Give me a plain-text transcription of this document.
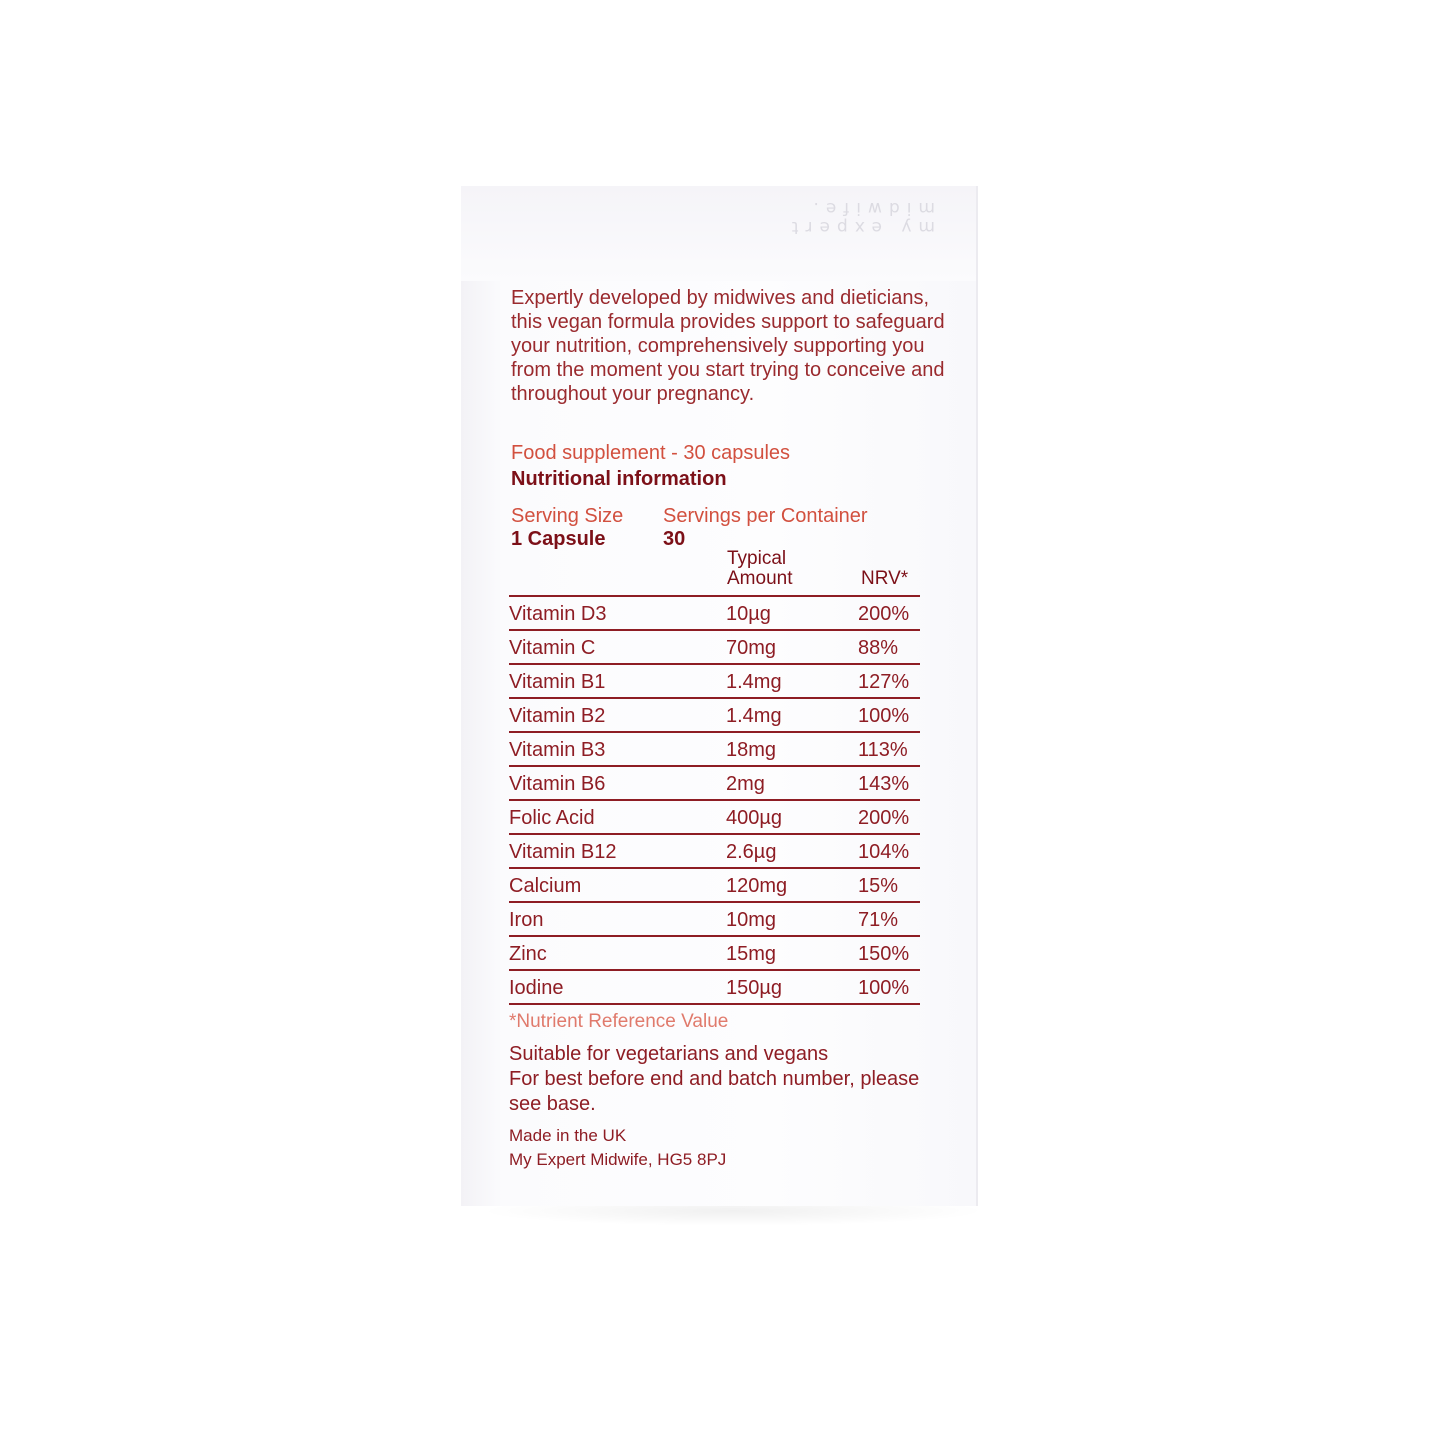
my expert
midwife.
Expertly developed by midwives and dieticians, this vegan formula provides support to safeguard your nutrition, comprehensively supporting you from the moment you start trying to conceive and throughout your pregnancy.
Food supplement - 30 capsules
Nutritional information
Serving Size
1 Capsule
Servings per Container
30
Typical
Amount	NRV*
Vitamin D3	10µg	200%
Vitamin C	70mg	88%
Vitamin B1	1.4mg	127%
Vitamin B2	1.4mg	100%
Vitamin B3	18mg	113%
Vitamin B6	2mg	143%
Folic Acid	400µg	200%
Vitamin B12	2.6µg	104%
Calcium	120mg	15%
Iron	10mg	71%
Zinc	15mg	150%
Iodine	150µg	100%
*Nutrient Reference Value
Suitable for vegetarians and vegans
For best before end and batch number, please see base.
Made in the UK
My Expert Midwife, HG5 8PJ
